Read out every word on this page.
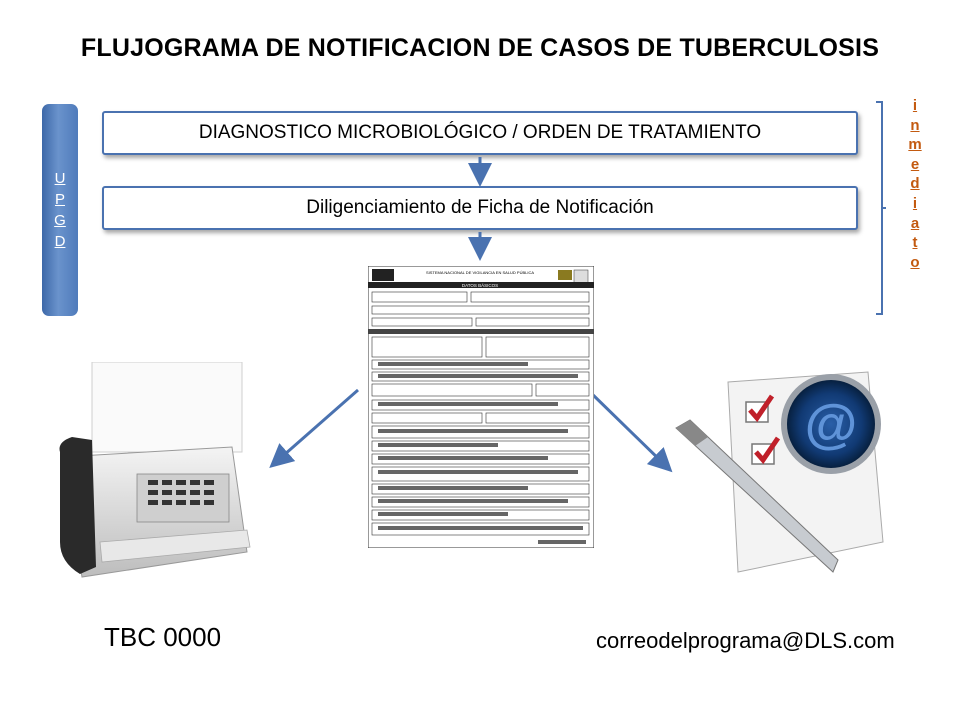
FLUJOGRAMA DE NOTIFICACION DE CASOS DE TUBERCULOSIS
U
P
G
D
DIAGNOSTICO MICROBIOLÓGICO / ORDEN DE TRATAMIENTO
Diligenciamiento de Ficha de Notificación
i
n
m
e
d
i
a
t
o
SISTEMA NACIONAL DE VIGILANCIA EN SALUD PÚBLICA
DATOS BÁSICOS
@
TBC 0000	correodelprograma@DLS.com
